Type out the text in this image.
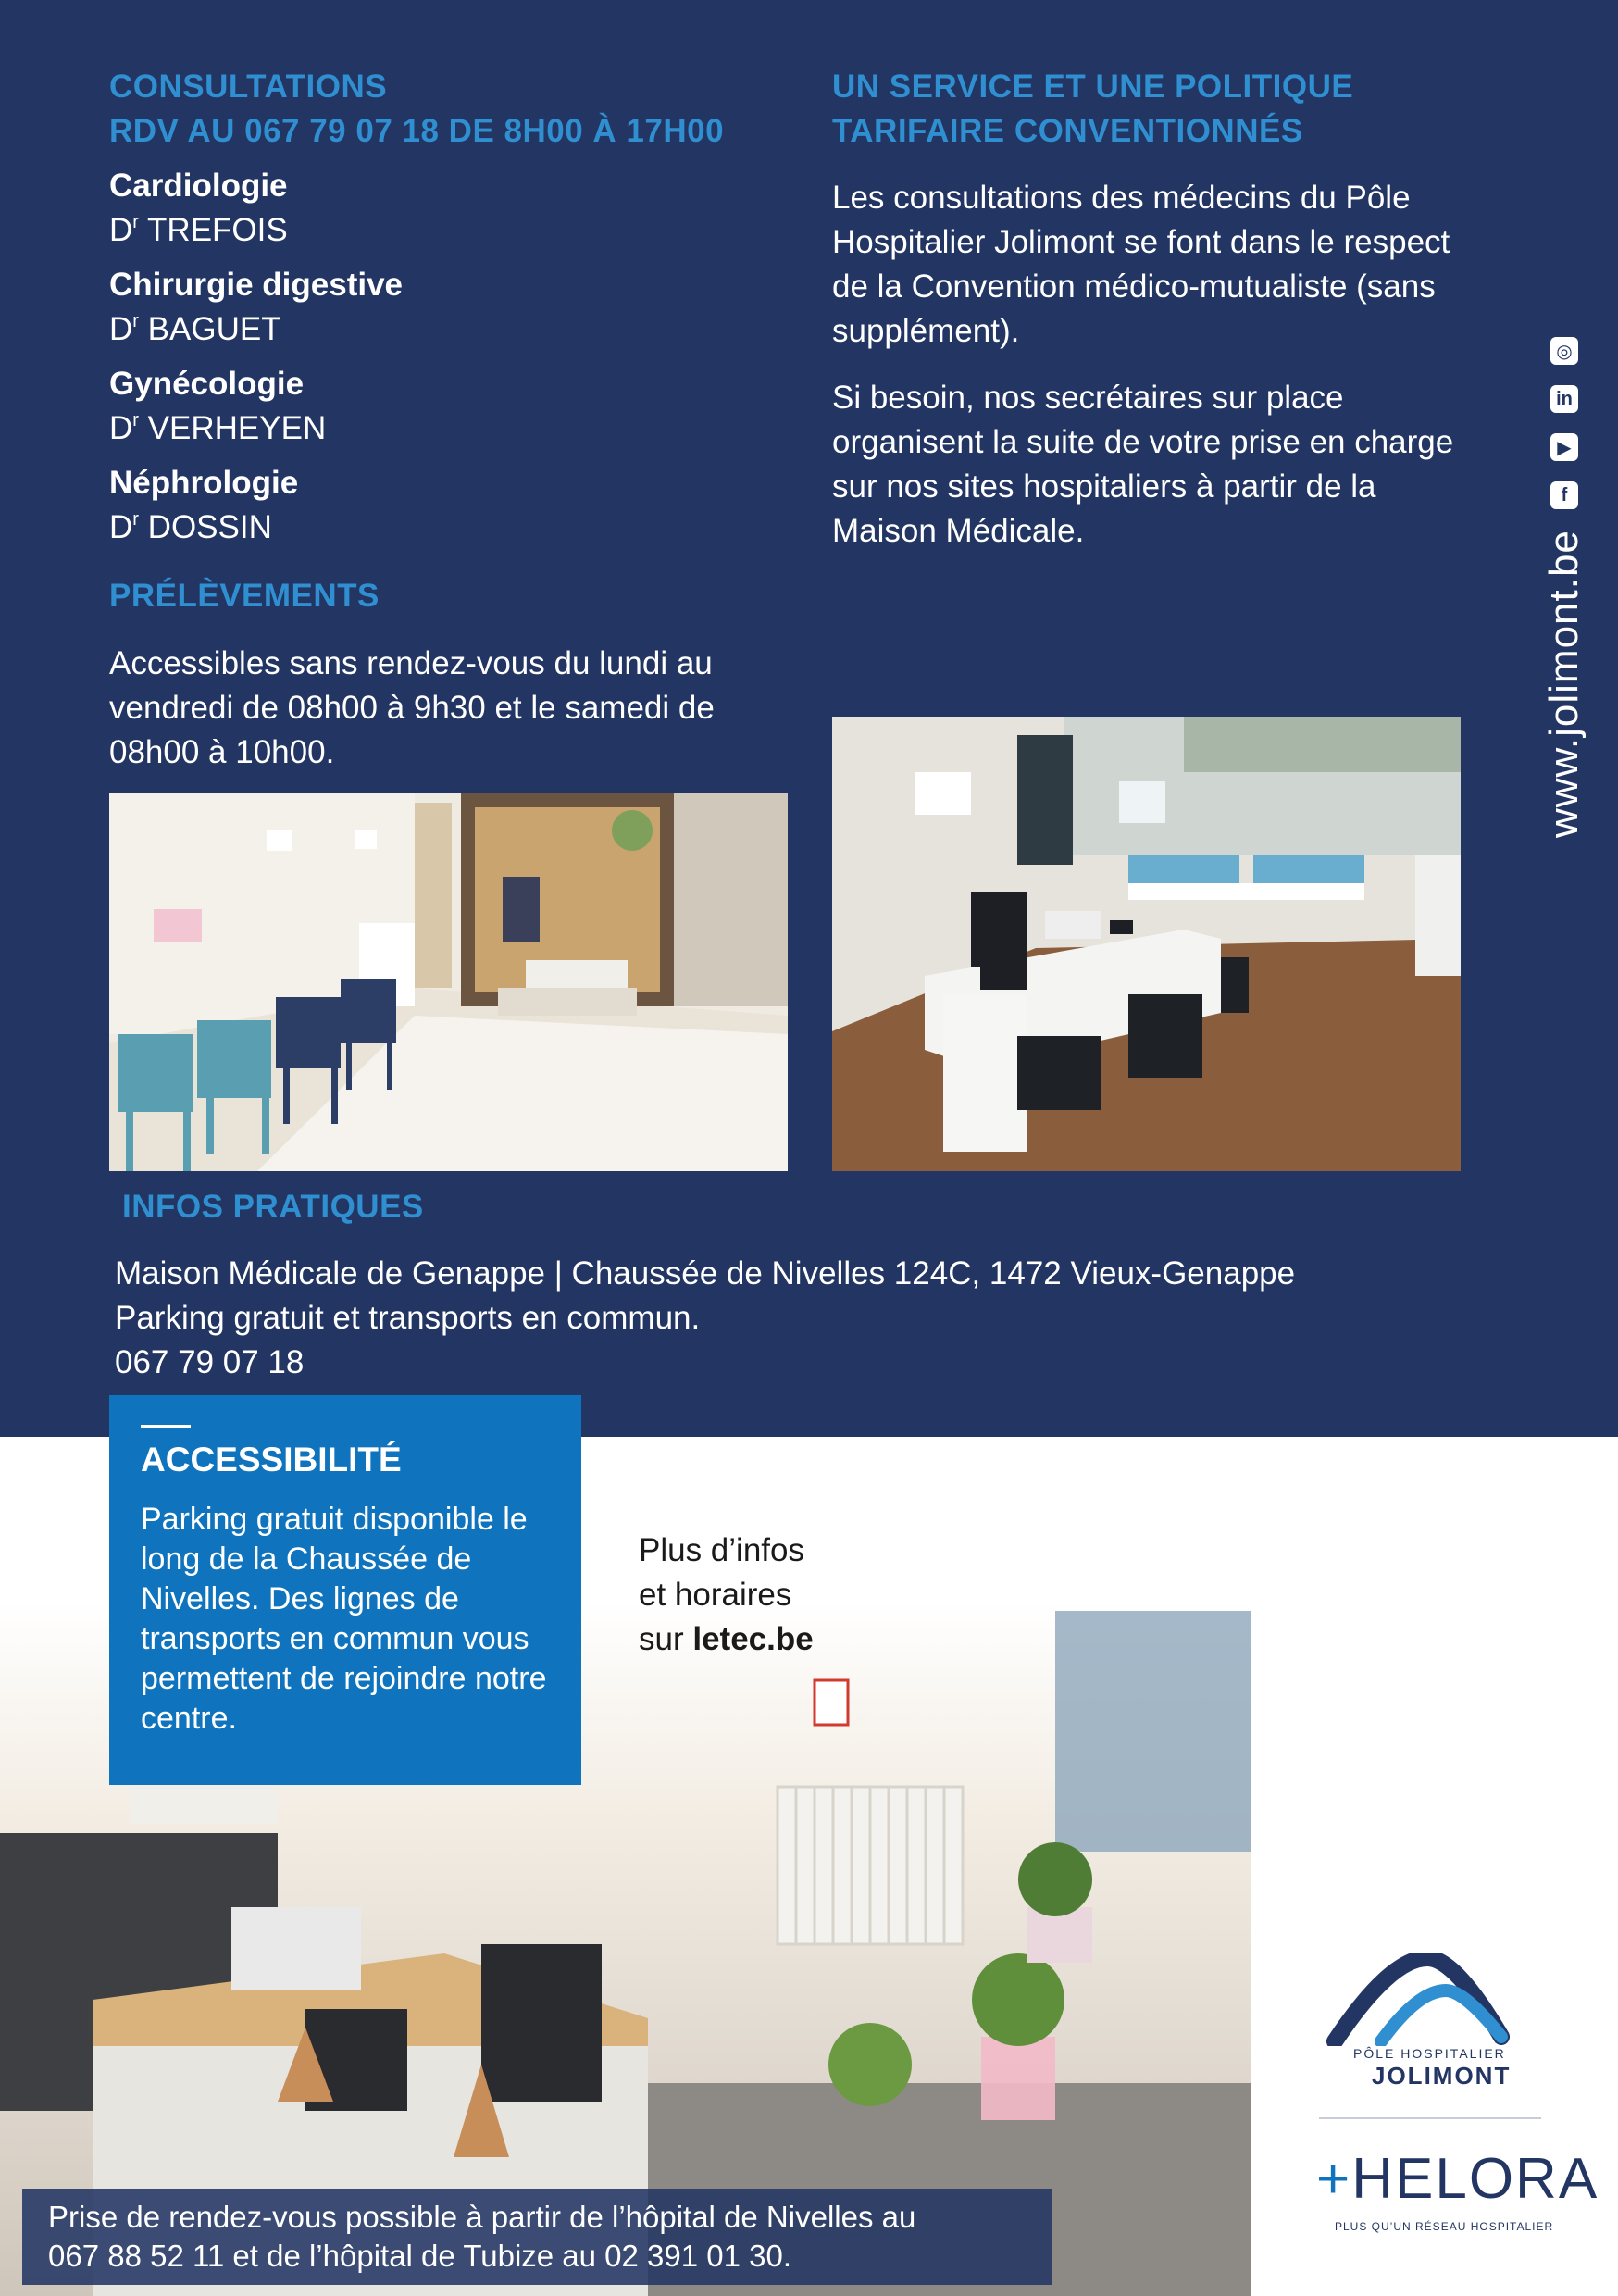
CONSULTATIONS
RDV AU 067 79 07 18 DE 8H00 À 17H00
Cardiologie
$D^r$ TREFOIS
Chirurgie digestive
$D^r$ BAGUET
Gynécologie
$D^r$ VERHEYEN
Néphrologie
$D^r$ DOSSIN
PRÉLÈVEMENTS
Accessibles sans rendez-vous du lundi au vendredi de 08h00 à 9h30 et le samedi de 08h00 à 10h00.
UN SERVICE ET UNE POLITIQUE
TARIFAIRE CONVENTIONNÉS

Les consultations des médecins du Pôle Hospitalier Jolimont se font dans le respect de la Convention médico-mutualiste (sans supplément).

Si besoin, nos secrétaires sur place organisent la suite de votre prise en charge sur nos sites hospitaliers à partir de la Maison Médicale.

INFOS PRATIQUES
Maison Médicale de Genappe | Chaussée de Nivelles 124C, 1472 Vieux-Genappe
Parking gratuit et transports en commun.
067 79 07 18
www.jolimont.be
f
▶
in
◎
ACCESSIBILITÉ
Parking gratuit disponible le long de la Chaussée de Nivelles. Des lignes de transports en commun vous permettent de rejoindre notre centre.
Plus d’infos
et horaires
sur letec.be
Prise de rendez-vous possible à partir de l’hôpital de Nivelles au
067 88 52 11 et de l’hôpital de Tubize au 02 391 01 30.
PÔLE HOSPITALIER
JOLIMONT
+HELORA
PLUS QU’UN RÉSEAU HOSPITALIER
